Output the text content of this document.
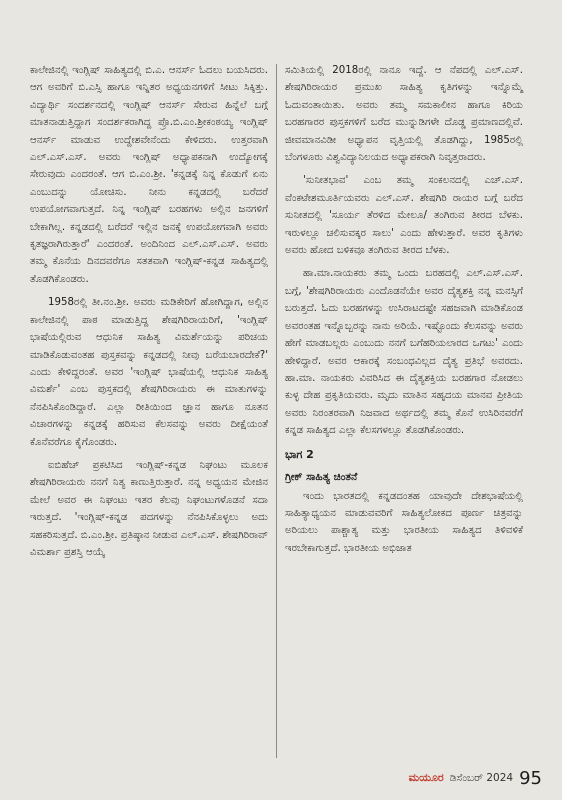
ಕಾಲೇಜಿನಲ್ಲಿ ಇಂಗ್ಲಿಷ್ ಸಾಹಿತ್ಯದಲ್ಲಿ ಬಿ.ಎ. ಆನರ್ಸ್ ಓದಲು ಬಯಸಿದರು. ಆಗ ಅವರಿಗೆ ಬಿ.ಎಸ್ಸಿ ಹಾಗೂ ಇನ್ನಿತರ ಅಧ್ಯಯನಗಳಿಗೆ ಸೀಟು ಸಿಕ್ಕಿತ್ತು. ವಿದ್ಯಾರ್ಥಿ ಸಂದರ್ಶನದಲ್ಲಿ ಇಂಗ್ಲಿಷ್ ಆನರ್ಸ್ ಸೇರುವ ಹಿನ್ನೆಲೆ ಬಗ್ಗೆ ಮಾತನಾಡುತ್ತಿದ್ದಾಗ ಸಂದರ್ಶಕರಾಗಿದ್ದ ಪ್ರೊ.ಬಿ.ಎಂ.ಶ್ರೀಕಂಠಯ್ಯ ಇಂಗ್ಲಿಷ್ ಆನರ್ಸ್ ಮಾಡುವ ಉದ್ದೇಶವೇನೆಂದು ಕೇಳಿದರು. ಉತ್ತರವಾಗಿ ಎಲ್.ಎಸ್.ಎಸ್. ಅವರು ಇಂಗ್ಲಿಷ್ ಅಧ್ಯಾಪಕನಾಗಿ ಉದ್ಯೋಗಕ್ಕೆ ಸೇರುವುದು ಎಂದರಂತೆ. ಆಗ ಬಿ.ಎಂ.ಶ್ರೀ. 'ಕನ್ನಡಕ್ಕೆ ನಿನ್ನ ಕೊಡುಗೆ ಏನು ಎಂಬುದನ್ನು ಯೋಚಿಸು. ನೀನು ಕನ್ನಡದಲ್ಲಿ ಬರೆದರೆ ಉಪಯೋಗವಾಗುತ್ತದೆ. ನಿನ್ನ ಇಂಗ್ಲಿಷ್ ಬರಹಗಳು ಅಲ್ಲಿನ ಜನಗಳಿಗೆ ಬೇಕಾಗಿಲ್ಲ. ಕನ್ನಡದಲ್ಲಿ ಬರೆದರೆ ಇಲ್ಲಿನ ಜನಕ್ಕೆ ಉಪಯೋಗವಾಗಿ ಅವರು ಕೃತಜ್ಞರಾಗಿರುತ್ತಾರೆ' ಎಂದರಂತೆ. ಅಂದಿನಿಂದ ಎಲ್.ಎಸ್.ಎಸ್. ಅವರು ತಮ್ಮ ಕೊನೆಯ ದಿನದವರೆಗೂ ಸತತವಾಗಿ ಇಂಗ್ಲಿಷ್-ಕನ್ನಡ ಸಾಹಿತ್ಯದಲ್ಲಿ ತೊಡಗಿಕೊಂಡರು.

1958ರಲ್ಲಿ ತೀ.ನಂ.ಶ್ರೀ. ಅವರು ಮಡಿಕೇರಿಗೆ ಹೋಗಿದ್ದಾಗ, ಅಲ್ಲಿನ ಕಾಲೇಜಿನಲ್ಲಿ ಪಾಠ ಮಾಡುತ್ತಿದ್ದ ಶೇಷಗಿರಿರಾಯರಿಗೆ, 'ಇಂಗ್ಲಿಷ್ ಭಾಷೆಯಲ್ಲಿರುವ ಆಧುನಿಕ ಸಾಹಿತ್ಯ ವಿಮರ್ಶೆಯನ್ನು ಪರಿಚಯ ಮಾಡಿಕೊಡುವಂತಹ ಪುಸ್ತಕವನ್ನು ಕನ್ನಡದಲ್ಲಿ ನೀವು ಬರೆಯಬಾರದೇಕೆ?' ಎಂದು ಕೇಳಿದ್ದರಂತೆ. ಅವರ 'ಇಂಗ್ಲಿಷ್ ಭಾಷೆಯಲ್ಲಿ ಆಧುನಿಕ ಸಾಹಿತ್ಯ ವಿಮರ್ಶೆ' ಎಂಬ ಪುಸ್ತಕದಲ್ಲಿ ಶೇಷಗಿರಿರಾಯರು ಈ ಮಾತುಗಳನ್ನು ನೆನಪಿಸಿಕೊಂಡಿದ್ದಾರೆ. ಎಲ್ಲಾ ರೀತಿಯಿಂದ ಜ್ಞಾನ ಹಾಗೂ ನೂತನ ವಿಚಾರಗಳನ್ನು ಕನ್ನಡಕ್ಕೆ ಹರಿಸುವ ಕೆಲಸವನ್ನು ಅವರು ದೀಕ್ಷೆಯಂತೆ ಕೊನೆವರೆಗೂ ಕೈಗೊಂಡರು.

ಐಬಿಹೆಚ್ ಪ್ರಕಟಿಸಿದ ಇಂಗ್ಲಿಷ್-ಕನ್ನಡ ನಿಘಂಟು ಮೂಲಕ ಶೇಷಗಿರಿರಾಯರು ನನಗೆ ನಿತ್ಯ ಕಾಣುತ್ತಿರುತ್ತಾರೆ. ನನ್ನ ಅಧ್ಯಯನ ಮೇಜಿನ ಮೇಲೆ ಅವರ ಈ ನಿಘಂಟು ಇತರ ಕೆಲವು ನಿಘಂಟುಗಳೊಡನೆ ಸದಾ ಇರುತ್ತದೆ. 'ಇಂಗ್ಲಿಷ್-ಕನ್ನಡ ಪದಗಳನ್ನು ನೆನಪಿಸಿಕೊಳ್ಳಲು ಅದು ಸಹಕರಿಸುತ್ತದೆ. ಬಿ.ಎಂ.ಶ್ರೀ. ಪ್ರತಿಷ್ಠಾನ ನೀಡುವ ಎಲ್.ಎಸ್. ಶೇಷಗಿರಿರಾವ್ ವಿಮರ್ಶಾ ಪ್ರಶಸ್ತಿ ಆಯ್ಕೆ

ಸಮಿತಿಯಲ್ಲಿ 2018ರಲ್ಲಿ ನಾನೂ ಇದ್ದೆ. ಆ ನೆಪದಲ್ಲಿ ಎಲ್.ಎಸ್. ಶೇಷಗಿರಿರಾಯರ ಪ್ರಮುಖ ಸಾಹಿತ್ಯ ಕೃತಿಗಳನ್ನು ಇನ್ನೊಮ್ಮೆ ಓದುವಂತಾಯಿತು. ಅವರು ತಮ್ಮ ಸಮಕಾಲೀನ ಹಾಗೂ ಕಿರಿಯ ಬರಹಗಾರರ ಪುಸ್ತಕಗಳಿಗೆ ಬರೆದ ಮುನ್ನುಡಿಗಳೇ ದೊಡ್ಡ ಪ್ರಮಾಣದಲ್ಲಿವೆ. ಜೀವಮಾನವಿಡೀ ಅಧ್ಯಾಪನ ವೃತ್ತಿಯಲ್ಲಿ ತೊಡಗಿದ್ದು, 1985ರಲ್ಲಿ ಬೆಂಗಳೂರು ವಿಶ್ವವಿದ್ಯಾನಿಲಯದ ಅಧ್ಯಾಪಕರಾಗಿ ನಿವೃತ್ತರಾದರು.

'ಸುನೀತಭಾವ' ಎಂಬ ತಮ್ಮ ಸಂಕಲನದಲ್ಲಿ ಎಚ್.ಎಸ್. ವೆಂಕಟೇಶಮೂರ್ತಿಯವರು ಎಲ್.ಎಸ್. ಶೇಷಗಿರಿ ರಾಯರ ಬಗ್ಗೆ ಬರೆದ ಸುನೀತದಲ್ಲಿ 'ಸೂರ್ಯ ತೆರಳಿದ ಮೇಲೂ/ ತಂಗಿರುವ ತೀರದ ಬೆಳಕು. ಇರುಳಲ್ಲೂ ಚಲಿಸುವಕ್ಕರ ಸಾಲು' ಎಂದು ಹೇಳುತ್ತಾರೆ. ಅವರ ಕೃತಿಗಳು ಅವರು ಹೋದ ಬಳಿಕವೂ ತಂಗಿರುವ ತೀರದ ಬೆಳಕು.

ಹಾ.ಮಾ.ನಾಯಕರು ತಮ್ಮ ಒಂದು ಬರಹದಲ್ಲಿ ಎಲ್.ಎಸ್.ಎಸ್. ಬಗ್ಗೆ, 'ಶೇಷಗಿರಿರಾಯರು ಎಂದೊಡನೆಯೇ ಅವರ ದೈತ್ಯಶಕ್ತಿ ನನ್ನ ಮನಸ್ಸಿಗೆ ಬರುತ್ತದೆ. ಓದು ಬರಹಗಳನ್ನು ಉಸಿರಾಟದಷ್ಟೇ ಸಹಜವಾಗಿ ಮಾಡಿಕೊಂಡ ಅವರಂತಹ ಇನ್ನೊಬ್ಬರನ್ನು ನಾನು ಅರಿಯೆ. ಇಷ್ಟೊಂದು ಕೆಲಸವನ್ನು ಅವರು ಹೇಗೆ ಮಾಡಬಲ್ಲರು ಎಂಬುದು ನನಗೆ ಬಗೆಹರಿಯಲಾರದ ಒಗಟು' ಎಂದು ಹೇಳಿದ್ದಾರೆ. ಅವರ ಆಕಾರಕ್ಕೆ ಸಂಬಂಧವಿಲ್ಲದ ದೈತ್ಯ ಪ್ರತಿಭೆ ಅವರದು. ಹಾ.ಮಾ. ನಾಯಕರು ವಿವರಿಸಿದ ಈ ದೈತ್ಯಶಕ್ತಿಯ ಬರಹಗಾರ ನೋಡಲು ಕುಳ್ಳ ದೇಹ ಪ್ರಕೃತಿಯವರು. ಮೃದು ಮಾತಿನ ಸಹೃದಯ ಮಾನವ ಪ್ರೀತಿಯ ಅವರು ನಿರಂತರವಾಗಿ ನಿಜವಾದ ಅರ್ಥದಲ್ಲಿ ತಮ್ಮ ಕೊನೆ ಉಸಿರಿನವರೆಗೆ ಕನ್ನಡ ಸಾಹಿತ್ಯದ ಎಲ್ಲಾ ಕೆಲಸಗಳಲ್ಲೂ ತೊಡಗಿಕೊಂಡರು.

ಭಾಗ 2
ಗ್ರೀಕ್ ಸಾಹಿತ್ಯ ಚಿಂತನೆ

ಇಂದು ಭಾರತದಲ್ಲಿ ಕನ್ನಡದಂತಹ ಯಾವುದೇ ದೇಶಭಾಷೆಯಲ್ಲಿ ಸಾಹಿತ್ಯಾಧ್ಯಯನ ಮಾಡುವವರಿಗೆ ಸಾಹಿತ್ಯಲೋಕದ ಪೂರ್ಣ ಚಿತ್ರವನ್ನು ಅರಿಯಲು ಪಾಶ್ಚಾತ್ಯ ಮತ್ತು ಭಾರತೀಯ ಸಾಹಿತ್ಯದ ತಿಳಿವಳಿಕೆ ಇರಬೇಕಾಗುತ್ತದೆ. ಭಾರತೀಯ ಅಭಿಜಾತ

ಮಯೂರ ಡಿಸೆಂಬರ್ 2024 95
